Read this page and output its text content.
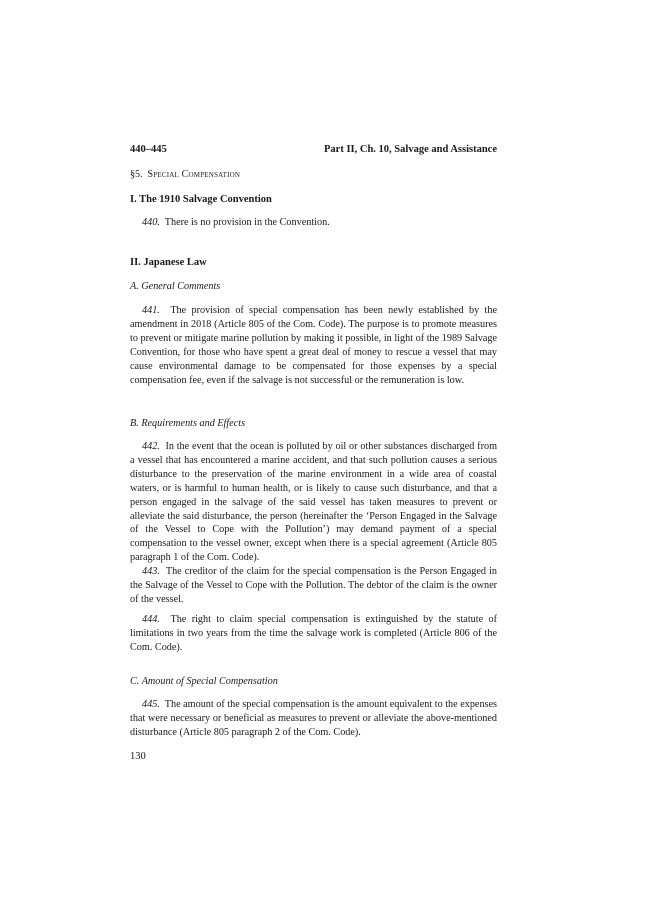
440–445	Part II, Ch. 10, Salvage and Assistance
§5. Special Compensation
I. The 1910 Salvage Convention
440. There is no provision in the Convention.
II. Japanese Law
A. General Comments
441. The provision of special compensation has been newly established by the amendment in 2018 (Article 805 of the Com. Code). The purpose is to promote measures to prevent or mitigate marine pollution by making it possible, in light of the 1989 Salvage Convention, for those who have spent a great deal of money to rescue a vessel that may cause environmental damage to be compensated for those expenses by a special compensation fee, even if the salvage is not successful or the remuneration is low.
B. Requirements and Effects
442. In the event that the ocean is polluted by oil or other substances discharged from a vessel that has encountered a marine accident, and that such pollution causes a serious disturbance to the preservation of the marine environment in a wide area of coastal waters, or is harmful to human health, or is likely to cause such disturbance, and that a person engaged in the salvage of the said vessel has taken measures to prevent or alleviate the said disturbance, the person (hereinafter the ‘Person Engaged in the Salvage of the Vessel to Cope with the Pollution’) may demand payment of a special compensation to the vessel owner, except when there is a special agreement (Article 805 paragraph 1 of the Com. Code).
443. The creditor of the claim for the special compensation is the Person Engaged in the Salvage of the Vessel to Cope with the Pollution. The debtor of the claim is the owner of the vessel.
444. The right to claim special compensation is extinguished by the statute of limitations in two years from the time the salvage work is completed (Article 806 of the Com. Code).
C. Amount of Special Compensation
445. The amount of the special compensation is the amount equivalent to the expenses that were necessary or beneficial as measures to prevent or alleviate the above-mentioned disturbance (Article 805 paragraph 2 of the Com. Code).
130
